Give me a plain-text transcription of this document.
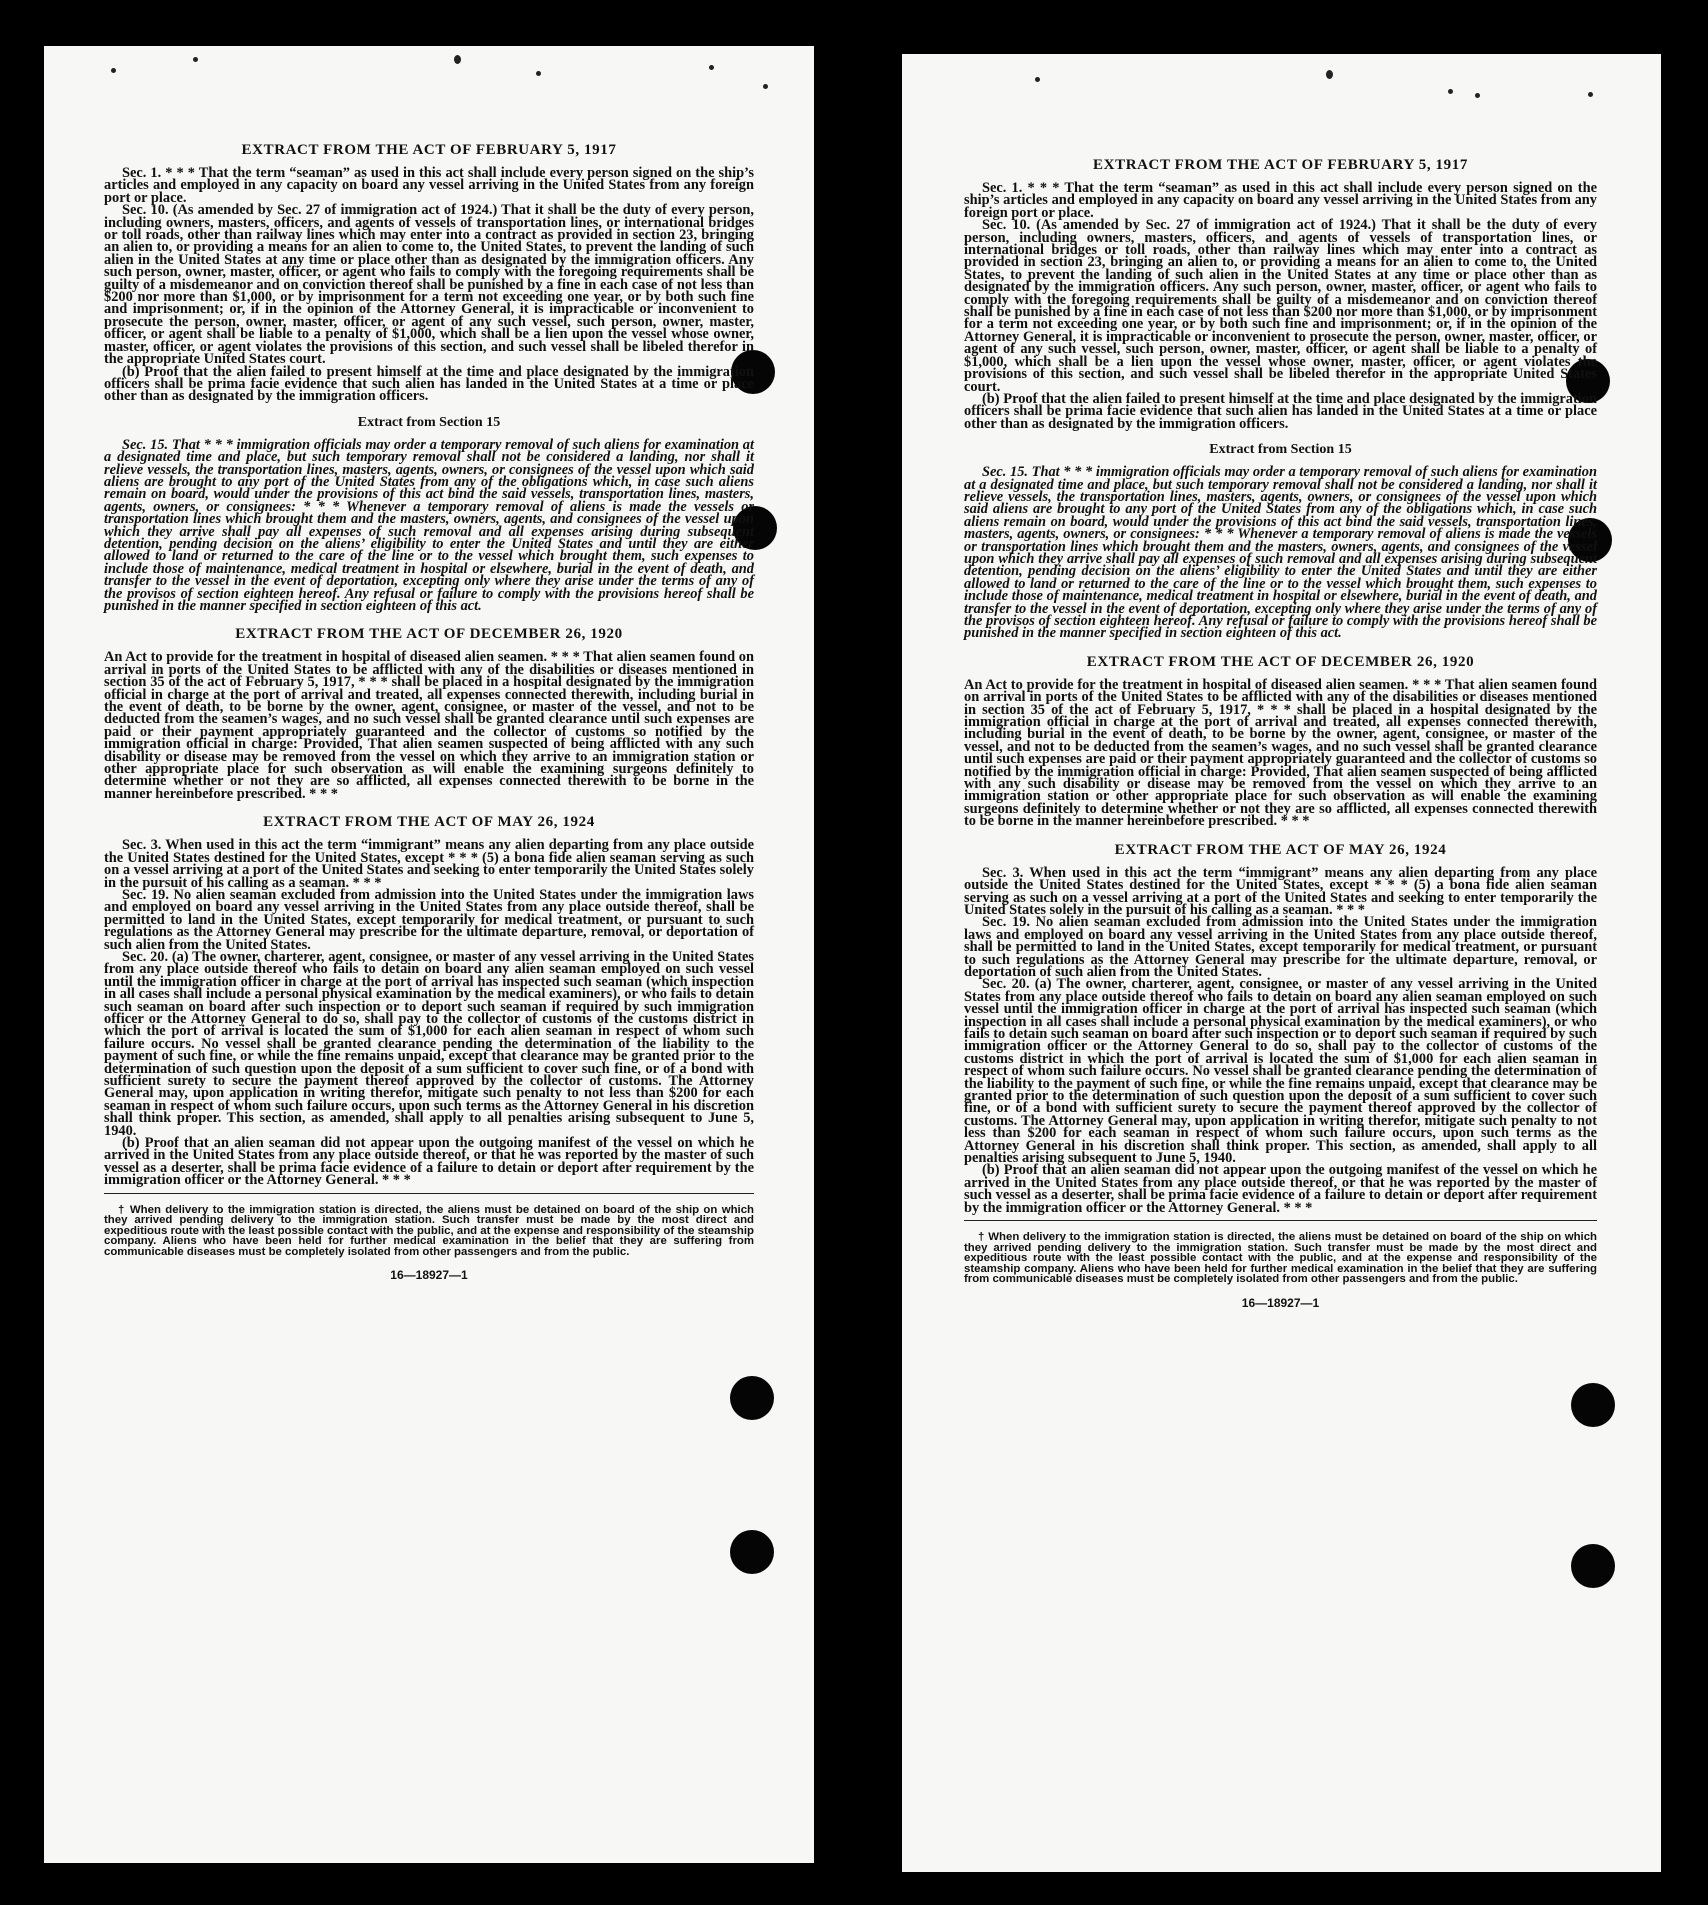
EXTRACT FROM THE ACT OF FEBRUARY 5, 1917

Sec. 1. * * * That the term “seaman” as used in this act shall include every person signed on the ship’s articles and employed in any capacity on board any vessel arriving in the United States from any foreign port or place.

Sec. 10. (As amended by Sec. 27 of immigration act of 1924.) That it shall be the duty of every person, including owners, masters, officers, and agents of vessels of transportation lines, or international bridges or toll roads, other than railway lines which may enter into a contract as provided in section 23, bringing an alien to, or providing a means for an alien to come to, the United States, to prevent the landing of such alien in the United States at any time or place other than as designated by the immigration officers. Any such person, owner, master, officer, or agent who fails to comply with the foregoing requirements shall be guilty of a misdemeanor and on conviction thereof shall be punished by a fine in each case of not less than $200 nor more than $1,000, or by imprisonment for a term not exceeding one year, or by both such fine and imprisonment; or, if in the opinion of the Attorney General, it is impracticable or inconvenient to prosecute the person, owner, master, officer, or agent of any such vessel, such person, owner, master, officer, or agent shall be liable to a penalty of $1,000, which shall be a lien upon the vessel whose owner, master, officer, or agent violates the provisions of this section, and such vessel shall be libeled therefor in the appropriate United States court.

(b) Proof that the alien failed to present himself at the time and place designated by the immigration officers shall be prima facie evidence that such alien has landed in the United States at a time or place other than as designated by the immigration officers.

Extract from Section 15

Sec. 15. That * * * immigration officials may order a temporary removal of such aliens for examination at a designated time and place, but such temporary removal shall not be considered a landing, nor shall it relieve vessels, the transportation lines, masters, agents, owners, or consignees of the vessel upon which said aliens are brought to any port of the United States from any of the obligations which, in case such aliens remain on board, would under the provisions of this act bind the said vessels, transportation lines, masters, agents, owners, or consignees: * * * Whenever a temporary removal of aliens is made the vessels or transportation lines which brought them and the masters, owners, agents, and consignees of the vessel upon which they arrive shall pay all expenses of such removal and all expenses arising during subsequent detention, pending decision on the aliens’ eligibility to enter the United States and until they are either allowed to land or returned to the care of the line or to the vessel which brought them, such expenses to include those of maintenance, medical treatment in hospital or elsewhere, burial in the event of death, and transfer to the vessel in the event of deportation, excepting only where they arise under the terms of any of the provisos of section eighteen hereof. Any refusal or failure to comply with the provisions hereof shall be punished in the manner specified in section eighteen of this act.

EXTRACT FROM THE ACT OF DECEMBER 26, 1920

An Act to provide for the treatment in hospital of diseased alien seamen. * * * That alien seamen found on arrival in ports of the United States to be afflicted with any of the disabilities or diseases mentioned in section 35 of the act of February 5, 1917, * * * shall be placed in a hospital designated by the immigration official in charge at the port of arrival and treated, all expenses connected therewith, including burial in the event of death, to be borne by the owner, agent, consignee, or master of the vessel, and not to be deducted from the seamen’s wages, and no such vessel shall be granted clearance until such expenses are paid or their payment appropriately guaranteed and the collector of customs so notified by the immigration official in charge: Provided, That alien seamen suspected of being afflicted with any such disability or disease may be removed from the vessel on which they arrive to an immigration station or other appropriate place for such observation as will enable the examining surgeons definitely to determine whether or not they are so afflicted, all expenses connected therewith to be borne in the manner hereinbefore prescribed. * * *

EXTRACT FROM THE ACT OF MAY 26, 1924

Sec. 3. When used in this act the term “immigrant” means any alien departing from any place outside the United States destined for the United States, except * * * (5) a bona fide alien seaman serving as such on a vessel arriving at a port of the United States and seeking to enter temporarily the United States solely in the pursuit of his calling as a seaman. * * *

Sec. 19. No alien seaman excluded from admission into the United States under the immigration laws and employed on board any vessel arriving in the United States from any place outside thereof, shall be permitted to land in the United States, except temporarily for medical treatment, or pursuant to such regulations as the Attorney General may prescribe for the ultimate departure, removal, or deportation of such alien from the United States.

Sec. 20. (a) The owner, charterer, agent, consignee, or master of any vessel arriving in the United States from any place outside thereof who fails to detain on board any alien seaman employed on such vessel until the immigration officer in charge at the port of arrival has inspected such seaman (which inspection in all cases shall include a personal physical examination by the medical examiners), or who fails to detain such seaman on board after such inspection or to deport such seaman if required by such immigration officer or the Attorney General to do so, shall pay to the collector of customs of the customs district in which the port of arrival is located the sum of $1,000 for each alien seaman in respect of whom such failure occurs. No vessel shall be granted clearance pending the determination of the liability to the payment of such fine, or while the fine remains unpaid, except that clearance may be granted prior to the determination of such question upon the deposit of a sum sufficient to cover such fine, or of a bond with sufficient surety to secure the payment thereof approved by the collector of customs. The Attorney General may, upon application in writing therefor, mitigate such penalty to not less than $200 for each seaman in respect of whom such failure occurs, upon such terms as the Attorney General in his discretion shall think proper. This section, as amended, shall apply to all penalties arising subsequent to June 5, 1940.

(b) Proof that an alien seaman did not appear upon the outgoing manifest of the vessel on which he arrived in the United States from any place outside thereof, or that he was reported by the master of such vessel as a deserter, shall be prima facie evidence of a failure to detain or deport after requirement by the immigration officer or the Attorney General. * * *

† When delivery to the immigration station is directed, the aliens must be detained on board of the ship on which they arrived pending delivery to the immigration station. Such transfer must be made by the most direct and expeditious route with the least possible contact with the public, and at the expense and responsibility of the steamship company. Aliens who have been held for further medical examination in the belief that they are suffering from communicable diseases must be completely isolated from other passengers and from the public.

16—18927—1
EXTRACT FROM THE ACT OF FEBRUARY 5, 1917

Sec. 1. * * * That the term “seaman” as used in this act shall include every person signed on the ship’s articles and employed in any capacity on board any vessel arriving in the United States from any foreign port or place.

Sec. 10. (As amended by Sec. 27 of immigration act of 1924.) That it shall be the duty of every person, including owners, masters, officers, and agents of vessels of transportation lines, or international bridges or toll roads, other than railway lines which may enter into a contract as provided in section 23, bringing an alien to, or providing a means for an alien to come to, the United States, to prevent the landing of such alien in the United States at any time or place other than as designated by the immigration officers. Any such person, owner, master, officer, or agent who fails to comply with the foregoing requirements shall be guilty of a misdemeanor and on conviction thereof shall be punished by a fine in each case of not less than $200 nor more than $1,000, or by imprisonment for a term not exceeding one year, or by both such fine and imprisonment; or, if in the opinion of the Attorney General, it is impracticable or inconvenient to prosecute the person, owner, master, officer, or agent of any such vessel, such person, owner, master, officer, or agent shall be liable to a penalty of $1,000, which shall be a lien upon the vessel whose owner, master, officer, or agent violates the provisions of this section, and such vessel shall be libeled therefor in the appropriate United States court.

(b) Proof that the alien failed to present himself at the time and place designated by the immigration officers shall be prima facie evidence that such alien has landed in the United States at a time or place other than as designated by the immigration officers.

Extract from Section 15

Sec. 15. That * * * immigration officials may order a temporary removal of such aliens for examination at a designated time and place, but such temporary removal shall not be considered a landing, nor shall it relieve vessels, the transportation lines, masters, agents, owners, or consignees of the vessel upon which said aliens are brought to any port of the United States from any of the obligations which, in case such aliens remain on board, would under the provisions of this act bind the said vessels, transportation lines, masters, agents, owners, or consignees: * * * Whenever a temporary removal of aliens is made the vessels or transportation lines which brought them and the masters, owners, agents, and consignees of the vessel upon which they arrive shall pay all expenses of such removal and all expenses arising during subsequent detention, pending decision on the aliens’ eligibility to enter the United States and until they are either allowed to land or returned to the care of the line or to the vessel which brought them, such expenses to include those of maintenance, medical treatment in hospital or elsewhere, burial in the event of death, and transfer to the vessel in the event of deportation, excepting only where they arise under the terms of any of the provisos of section eighteen hereof. Any refusal or failure to comply with the provisions hereof shall be punished in the manner specified in section eighteen of this act.

EXTRACT FROM THE ACT OF DECEMBER 26, 1920

An Act to provide for the treatment in hospital of diseased alien seamen. * * * That alien seamen found on arrival in ports of the United States to be afflicted with any of the disabilities or diseases mentioned in section 35 of the act of February 5, 1917, * * * shall be placed in a hospital designated by the immigration official in charge at the port of arrival and treated, all expenses connected therewith, including burial in the event of death, to be borne by the owner, agent, consignee, or master of the vessel, and not to be deducted from the seamen’s wages, and no such vessel shall be granted clearance until such expenses are paid or their payment appropriately guaranteed and the collector of customs so notified by the immigration official in charge: Provided, That alien seamen suspected of being afflicted with any such disability or disease may be removed from the vessel on which they arrive to an immigration station or other appropriate place for such observation as will enable the examining surgeons definitely to determine whether or not they are so afflicted, all expenses connected therewith to be borne in the manner hereinbefore prescribed. * * *

EXTRACT FROM THE ACT OF MAY 26, 1924

Sec. 3. When used in this act the term “immigrant” means any alien departing from any place outside the United States destined for the United States, except * * * (5) a bona fide alien seaman serving as such on a vessel arriving at a port of the United States and seeking to enter temporarily the United States solely in the pursuit of his calling as a seaman. * * *

Sec. 19. No alien seaman excluded from admission into the United States under the immigration laws and employed on board any vessel arriving in the United States from any place outside thereof, shall be permitted to land in the United States, except temporarily for medical treatment, or pursuant to such regulations as the Attorney General may prescribe for the ultimate departure, removal, or deportation of such alien from the United States.

Sec. 20. (a) The owner, charterer, agent, consignee, or master of any vessel arriving in the United States from any place outside thereof who fails to detain on board any alien seaman employed on such vessel until the immigration officer in charge at the port of arrival has inspected such seaman (which inspection in all cases shall include a personal physical examination by the medical examiners), or who fails to detain such seaman on board after such inspection or to deport such seaman if required by such immigration officer or the Attorney General to do so, shall pay to the collector of customs of the customs district in which the port of arrival is located the sum of $1,000 for each alien seaman in respect of whom such failure occurs. No vessel shall be granted clearance pending the determination of the liability to the payment of such fine, or while the fine remains unpaid, except that clearance may be granted prior to the determination of such question upon the deposit of a sum sufficient to cover such fine, or of a bond with sufficient surety to secure the payment thereof approved by the collector of customs. The Attorney General may, upon application in writing therefor, mitigate such penalty to not less than $200 for each seaman in respect of whom such failure occurs, upon such terms as the Attorney General in his discretion shall think proper. This section, as amended, shall apply to all penalties arising subsequent to June 5, 1940.

(b) Proof that an alien seaman did not appear upon the outgoing manifest of the vessel on which he arrived in the United States from any place outside thereof, or that he was reported by the master of such vessel as a deserter, shall be prima facie evidence of a failure to detain or deport after requirement by the immigration officer or the Attorney General. * * *

† When delivery to the immigration station is directed, the aliens must be detained on board of the ship on which they arrived pending delivery to the immigration station. Such transfer must be made by the most direct and expeditious route with the least possible contact with the public, and at the expense and responsibility of the steamship company. Aliens who have been held for further medical examination in the belief that they are suffering from communicable diseases must be completely isolated from other passengers and from the public.

16—18927—1
